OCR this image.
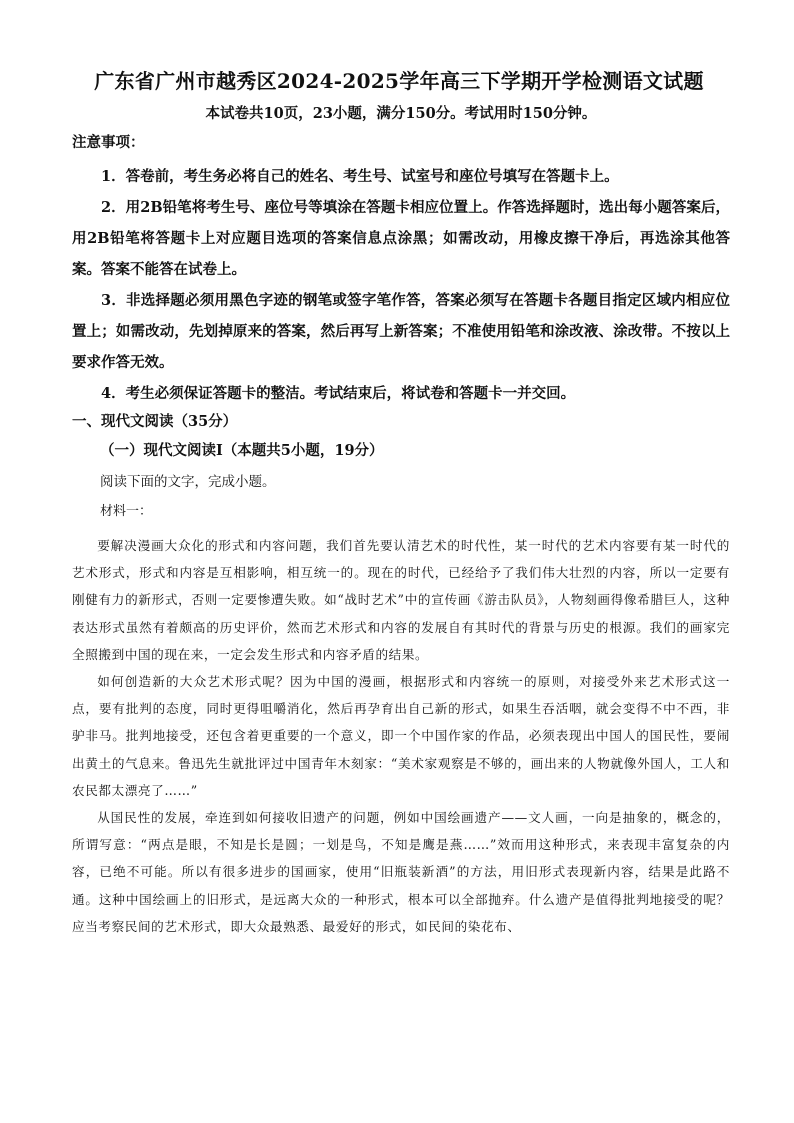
广东省广州市越秀区2024-2025学年高三下学期开学检测语文试题
本试卷共10页，23小题，满分150分。考试用时150分钟。
注意事项：

1．答卷前，考生务必将自己的姓名、考生号、试室号和座位号填写在答题卡上。

2．用2B铅笔将考生号、座位号等填涂在答题卡相应位置上。作答选择题时，选出每小题答案后，用2B铅笔将答题卡上对应题目选项的答案信息点涂黑；如需改动，用橡皮擦干净后，再选涂其他答案。答案不能答在试卷上。

3．非选择题必须用黑色字迹的钢笔或签字笔作答，答案必须写在答题卡各题目指定区域内相应位置上；如需改动，先划掉原来的答案，然后再写上新答案；不准使用铅笔和涂改液、涂改带。不按以上要求作答无效。

4．考生必须保证答题卡的整洁。考试结束后，将试卷和答题卡一并交回。

一、现代文阅读（35分）
（一）现代文阅读Ⅰ（本题共5小题，19分）
阅读下面的文字，完成小题。
材料一：

要解决漫画大众化的形式和内容问题，我们首先要认清艺术的时代性，某一时代的艺术内容要有某一时代的艺术形式，形式和内容是互相影响，相互统一的。现在的时代，已经给予了我们伟大壮烈的内容，所以一定要有刚健有力的新形式，否则一定要惨遭失败。如“战时艺术”中的宣传画《游击队员》，人物刻画得像希腊巨人，这种表达形式虽然有着颇高的历史评价，然而艺术形式和内容的发展自有其时代的背景与历史的根源。我们的画家完全照搬到中国的现在来，一定会发生形式和内容矛盾的结果。

如何创造新的大众艺术形式呢？因为中国的漫画，根据形式和内容统一的原则，对接受外来艺术形式这一点，要有批判的态度，同时更得咀嚼消化，然后再孕育出自己新的形式，如果生吞活咽，就会变得不中不西，非驴非马。批判地接受，还包含着更重要的一个意义，即一个中国作家的作品，必须表现出中国人的国民性，要闹出黄土的气息来。鲁迅先生就批评过中国青年木刻家：“美术家观察是不够的，画出来的人物就像外国人，工人和农民都太漂亮了……”

从国民性的发展，牵连到如何接收旧遗产的问题，例如中国绘画遗产——文人画，一向是抽象的，概念的，所谓写意：“两点是眼，不知是长是圆；一划是鸟，不知是鹰是燕……”效而用这种形式，来表现丰富复杂的内容，已绝不可能。所以有很多进步的国画家，使用“旧瓶装新酒”的方法，用旧形式表现新内容，结果是此路不通。这种中国绘画上的旧形式，是远离大众的一种形式，根本可以全部抛弃。什么遗产是值得批判地接受的呢？应当考察民间的艺术形式，即大众最熟悉、最爱好的形式，如民间的染花布、
